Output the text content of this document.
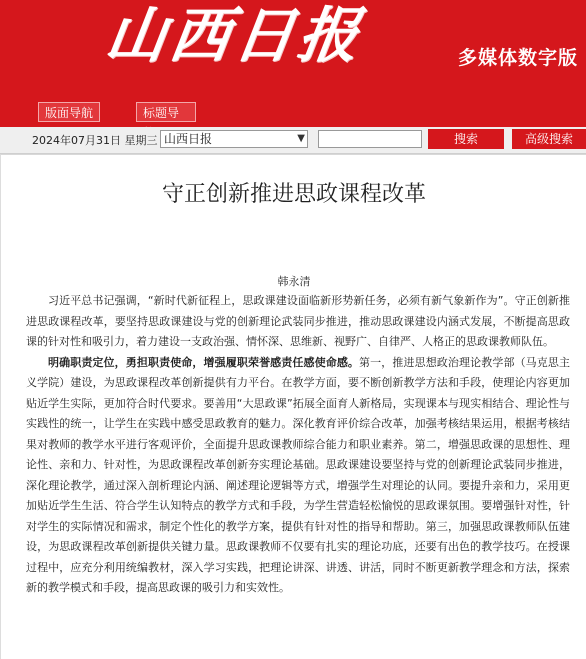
山西日报	多媒体数字版
版面导航	标题导
2024年07月31日 星期三 山西日报	▼	搜索	高级搜索
守正创新推进思政课程改革
韩永清

习近平总书记强调，“新时代新征程上，思政课建设面临新形势新任务，必须有新气象新作为”。守正创新推进思政课程改革，要坚持思政课建设与党的创新理论武装同步推进，推动思政课建设内涵式发展，不断提高思政课的针对性和吸引力，着力建设一支政治强、情怀深、思维新、视野广、自律严、人格正的思政课教师队伍。

明确职责定位，勇担职责使命，增强履职荣誉感责任感使命感。第一，推进思想政治理论教学部（马克思主义学院）建设，为思政课程改革创新提供有力平台。在教学方面，要不断创新教学方法和手段，使理论内容更加贴近学生实际，更加符合时代要求。要善用“大思政课”拓展全面育人新格局，实现课本与现实相结合、理论性与实践性的统一，让学生在实践中感受思政教育的魅力。深化教育评价综合改革，加强考核结果运用，根据考核结果对教师的教学水平进行客观评价，全面提升思政课教师综合能力和职业素养。第二，增强思政课的思想性、理论性、亲和力、针对性，为思政课程改革创新夯实理论基础。思政课建设要坚持与党的创新理论武装同步推进，深化理论教学，通过深入剖析理论内涵、阐述理论逻辑等方式，增强学生对理论的认同。要提升亲和力，采用更加贴近学生生活、符合学生认知特点的教学方式和手段，为学生营造轻松愉悦的思政课氛围。要增强针对性，针对学生的实际情况和需求，制定个性化的教学方案，提供有针对性的指导和帮助。第三，加强思政课教师队伍建设，为思政课程改革创新提供关键力量。思政课教师不仅要有扎实的理论功底，还要有出色的教学技巧。在授课过程中，应充分利用统编教材，深入学习实践，把理论讲深、讲透、讲活，同时不断更新教学理念和方法，探索新的教学模式和手段，提高思政课的吸引力和实效性。
